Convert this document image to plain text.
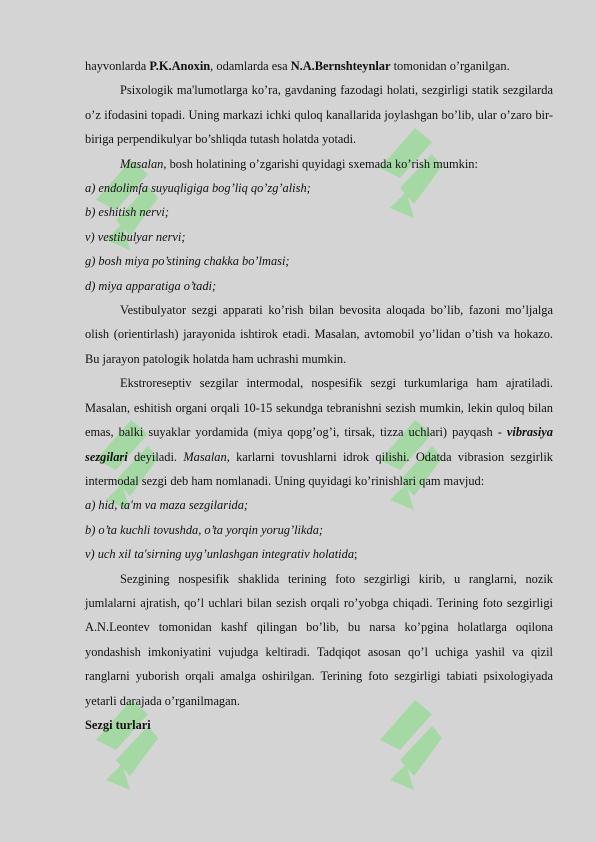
hayvonlarda P.K.Anoxin, odamlarda esa N.A.Bernshteynlar tomonidan o’rganilgan.

Psixologik ma'lumotlarga ko’ra, gavdaning fazodagi holati, sezgirligi statik sezgilarda o’z ifodasini topadi. Uning markazi ichki quloq kanallarida joylashgan bo’lib, ular o’zaro bir-biriga perpendikulyar bo’shliqda tutash holatda yotadi.

Masalan, bosh holatining o’zgarishi quyidagi sxemada ko’rish mumkin:

a) endolimfa suyuqligiga bog’liq qo’zg’alish;

b) eshitish nervi;

v) vestibulyar nervi;

g) bosh miya po’stining chakka bo’lmasi;

d) miya apparatiga o’tadi;

Vestibulyator sezgi apparati ko’rish bilan bevosita aloqada bo’lib, fazoni mo’ljalga olish (orientirlash) jarayonida ishtirok etadi. Masalan, avtomobil yo’lidan o’tish va hokazo. Bu jarayon patologik holatda ham uchrashi mumkin.

Ekstroreseptiv sezgilar intermodal, nospesifik sezgi turkumlariga ham ajratiladi. Masalan, eshitish organi orqali 10-15 sekundga tebranishni sezish mumkin, lekin quloq bilan emas, balki suyaklar yordamida (miya qopg’og’i, tirsak, tizza uchlari) payqash - vibrasiya sezgilari deyiladi. Masalan, karlarni tovushlarni idrok qilishi. Odatda vibrasion sezgirlik intermodal sezgi deb ham nomlanadi. Uning quyidagi ko’rinishlari qam mavjud:

a) hid, ta'm va maza sezgilarida;

b) o’ta kuchli tovushda, o’ta yorqin yorug’likda;

v) uch xil ta'sirning uyg’unlashgan integrativ holatida;

Sezgining nospesifik shaklida terining foto sezgirligi kirib, u ranglarni, nozik jumlalarni ajratish, qo’l uchlari bilan sezish orqali ro’yobga chiqadi. Terining foto sezgirligi A.N.Leontev tomonidan kashf qilingan bo’lib, bu narsa ko’pgina holatlarga oqilona yondashish imkoniyatini vujudga keltiradi. Tadqiqot asosan qo’l uchiga yashil va qizil ranglarni yuborish orqali amalga oshirilgan. Terining foto sezgirligi tabiati psixologiyada yetarli darajada o’rganilmagan.

Sezgi turlari
